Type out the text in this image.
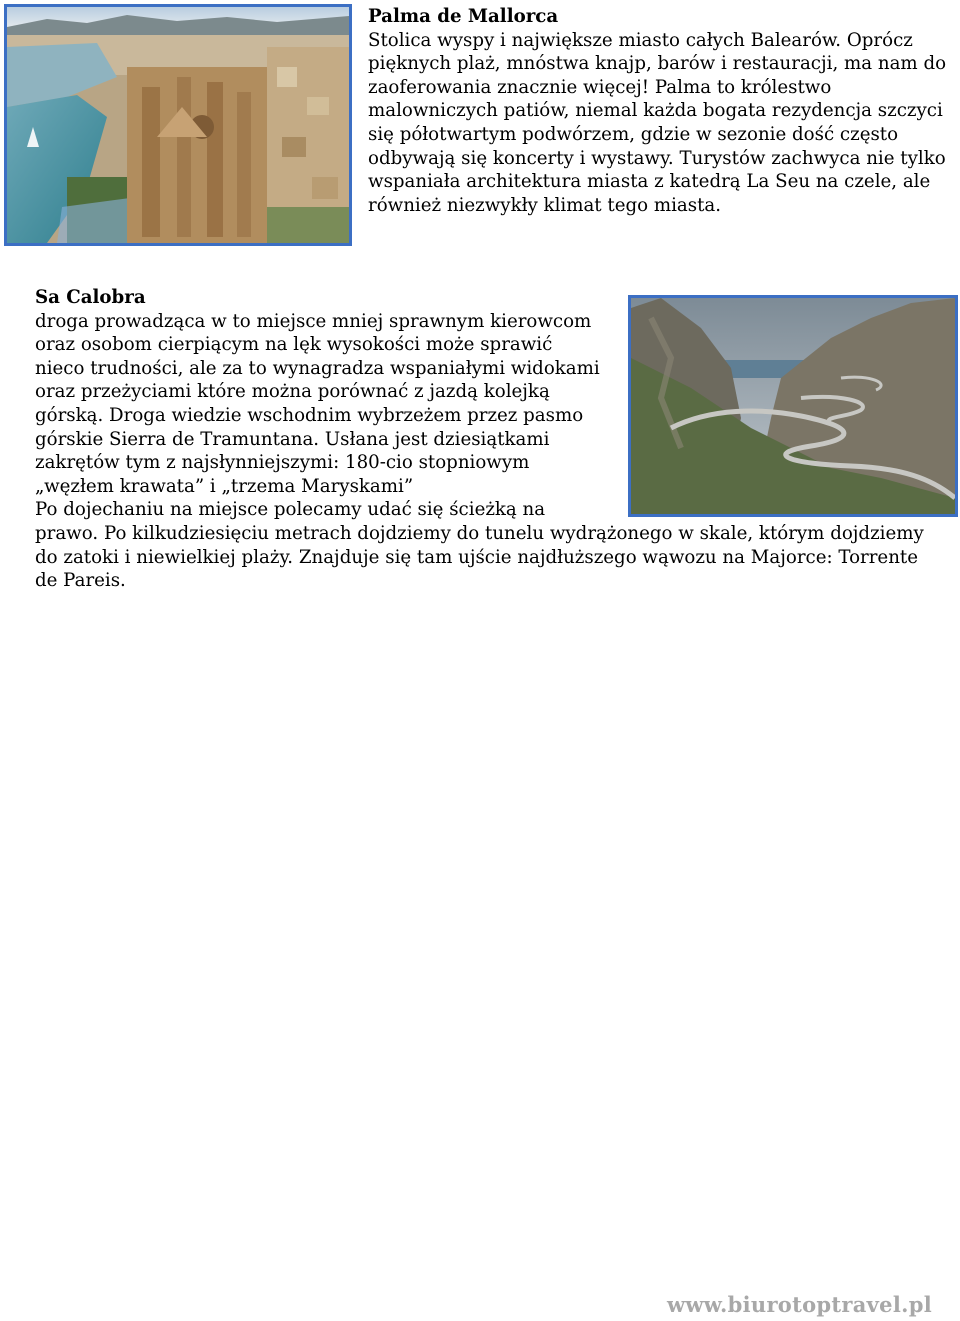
Palma de Mallorca
Stolica wyspy i największe miasto całych Balearów. Oprócz pięknych plaż, mnóstwa knajp, barów i restauracji, ma nam do zaoferowania znacznie więcej! Palma to królestwo malowniczych patiów, niemal każda bogata rezydencja szczyci się półotwartym podwórzem, gdzie w sezonie dość często odbywają się koncerty i wystawy. Turystów zachwyca nie tylko wspaniała architektura miasta z katedrą La Seu na czele, ale również niezwykły klimat tego miasta.
Sa Calobra

droga prowadząca w to miejsce mniej sprawnym kierowcom oraz osobom cierpiącym na lęk wysokości może sprawić nieco trudności, ale za to wynagradza wspaniałymi widokami oraz przeżyciami które można porównać z jazdą kolejką górską. Droga wiedzie wschodnim wybrzeżem przez pasmo górskie Sierra de Tramuntana. Usłana jest dziesiątkami zakrętów tym z najsłynniejszymi: 180-cio stopniowym „węzłem krawata” i „trzema Maryskami”

Po dojechaniu na miejsce polecamy udać się ścieżką na prawo. Po kilkudziesięciu metrach dojdziemy do tunelu wydrążonego w skale, którym dojdziemy do zatoki i niewielkiej plaży. Znajduje się tam ujście najdłuższego wąwozu na Majorce: Torrente de Pareis.

www.biurotoptravel.pl
